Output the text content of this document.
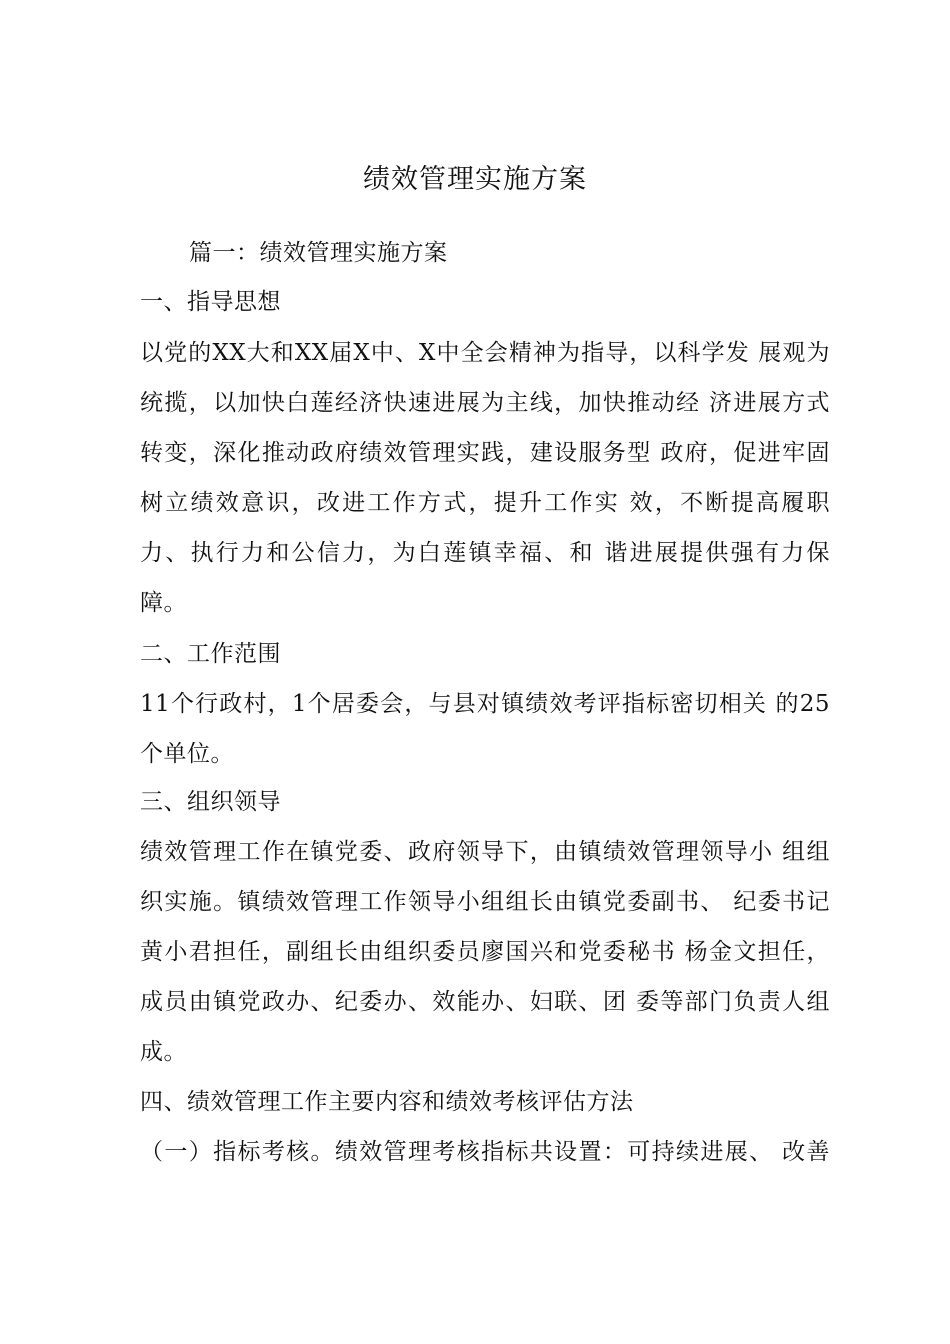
绩效管理实施方案

篇一：绩效管理实施方案

一、指导思想

以党的XX大和XX届X中、X中全会精神为指导，以科学发 展观为

统揽，以加快白莲经济快速进展为主线，加快推动经 济进展方式

转变，深化推动政府绩效管理实践，建设服务型 政府，促进牢固

树立绩效意识，改进工作方式，提升工作实 效，不断提高履职

力、执行力和公信力，为白莲镇幸福、和 谐进展提供强有力保

障。

二、工作范围

11个行政村，1个居委会，与县对镇绩效考评指标密切相关 的25

个单位。

三、组织领导

绩效管理工作在镇党委、政府领导下，由镇绩效管理领导小 组组

织实施。镇绩效管理工作领导小组组长由镇党委副书、 纪委书记

黄小君担任，副组长由组织委员廖国兴和党委秘书 杨金文担任，

成员由镇党政办、纪委办、效能办、妇联、团 委等部门负责人组

成。

四、绩效管理工作主要内容和绩效考核评估方法

（一）指标考核。绩效管理考核指标共设置：可持续进展、 改善
